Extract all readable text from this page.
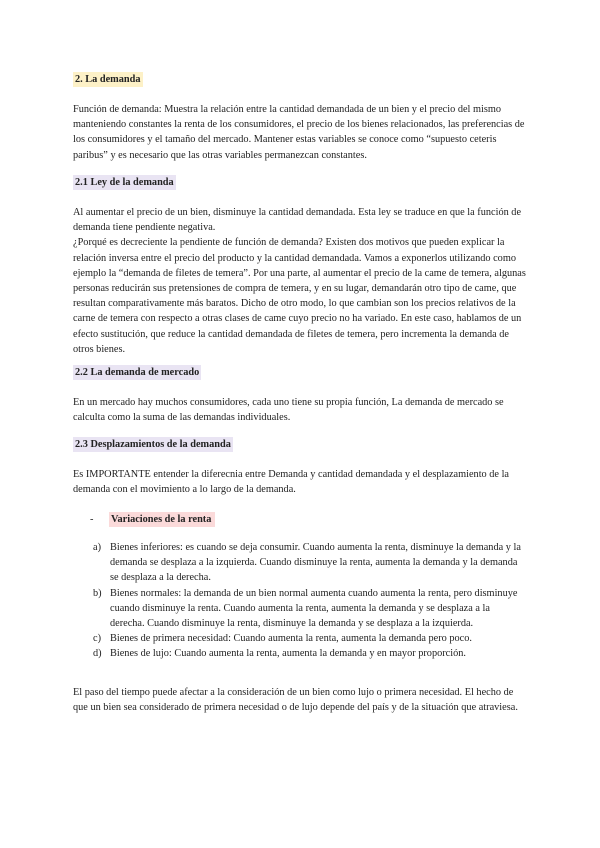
2. La demanda

Función de demanda: Muestra la relación entre la cantidad demandada de un bien y el precio del mismo manteniendo constantes la renta de los consumidores, el precio de los bienes relacionados, las preferencias de los consumidores y el tamaño del mercado. Mantener estas variables se conoce como “supuesto ceteris paribus” y es necesario que las otras variables permanezcan constantes.

2.1 Ley de la demanda

Al aumentar el precio de un bien, disminuye la cantidad demandada. Esta ley se traduce en que la función de demanda tiene pendiente negativa.

¿Porqué es decreciente la pendiente de función de demanda? Existen dos motivos que pueden explicar la relación inversa entre el precio del producto y la cantidad demandada. Vamos a exponerlos utilizando como ejemplo la “demanda de filetes de temera”. Por una parte, al aumentar el precio de la came de temera, algunas personas reducirán sus pretensiones de compra de temera, y en su lugar, demandarán otro tipo de came, que resultan comparativamente más baratos. Dicho de otro modo, lo que cambian son los precios relativos de la carne de temera con respecto a otras clases de came cuyo precio no ha variado. En este caso, hablamos de un efecto sustitución, que reduce la cantidad demandada de filetes de temera, pero incrementa la demanda de otros bienes.

2.2 La demanda de mercado

En un mercado hay muchos consumidores, cada uno tiene su propia función, La demanda de mercado se calculta como la suma de las demandas individuales.

2.3 Desplazamientos de la demanda

Es IMPORTANTE entender la diferecnia entre Demanda y cantidad demandada y el desplazamiento de la demanda con el movimiento a lo largo de la demanda.

- Variaciones de la renta
a) Bienes inferiores: es cuando se deja consumir. Cuando aumenta la renta, disminuye la demanda y la demanda se desplaza a la izquierda. Cuando disminuye la renta, aumenta la demanda y la demanda se desplaza a la derecha.
b) Bienes normales: la demanda de un bien normal aumenta cuando aumenta la renta, pero disminuye cuando disminuye la renta. Cuando aumenta la renta, aumenta la demanda y se desplaza a la derecha. Cuando disminuye la renta, disminuye la demanda y se desplaza a la izquierda.
c) Bienes de primera necesidad: Cuando aumenta la renta, aumenta la demanda pero poco.
d) Bienes de lujo: Cuando aumenta la renta, aumenta la demanda y en mayor proporción.

El paso del tiempo puede afectar a la consideración de un bien como lujo o primera necesidad. El hecho de que un bien sea considerado de primera necesidad o de lujo depende del país y de la situación que atraviesa.
